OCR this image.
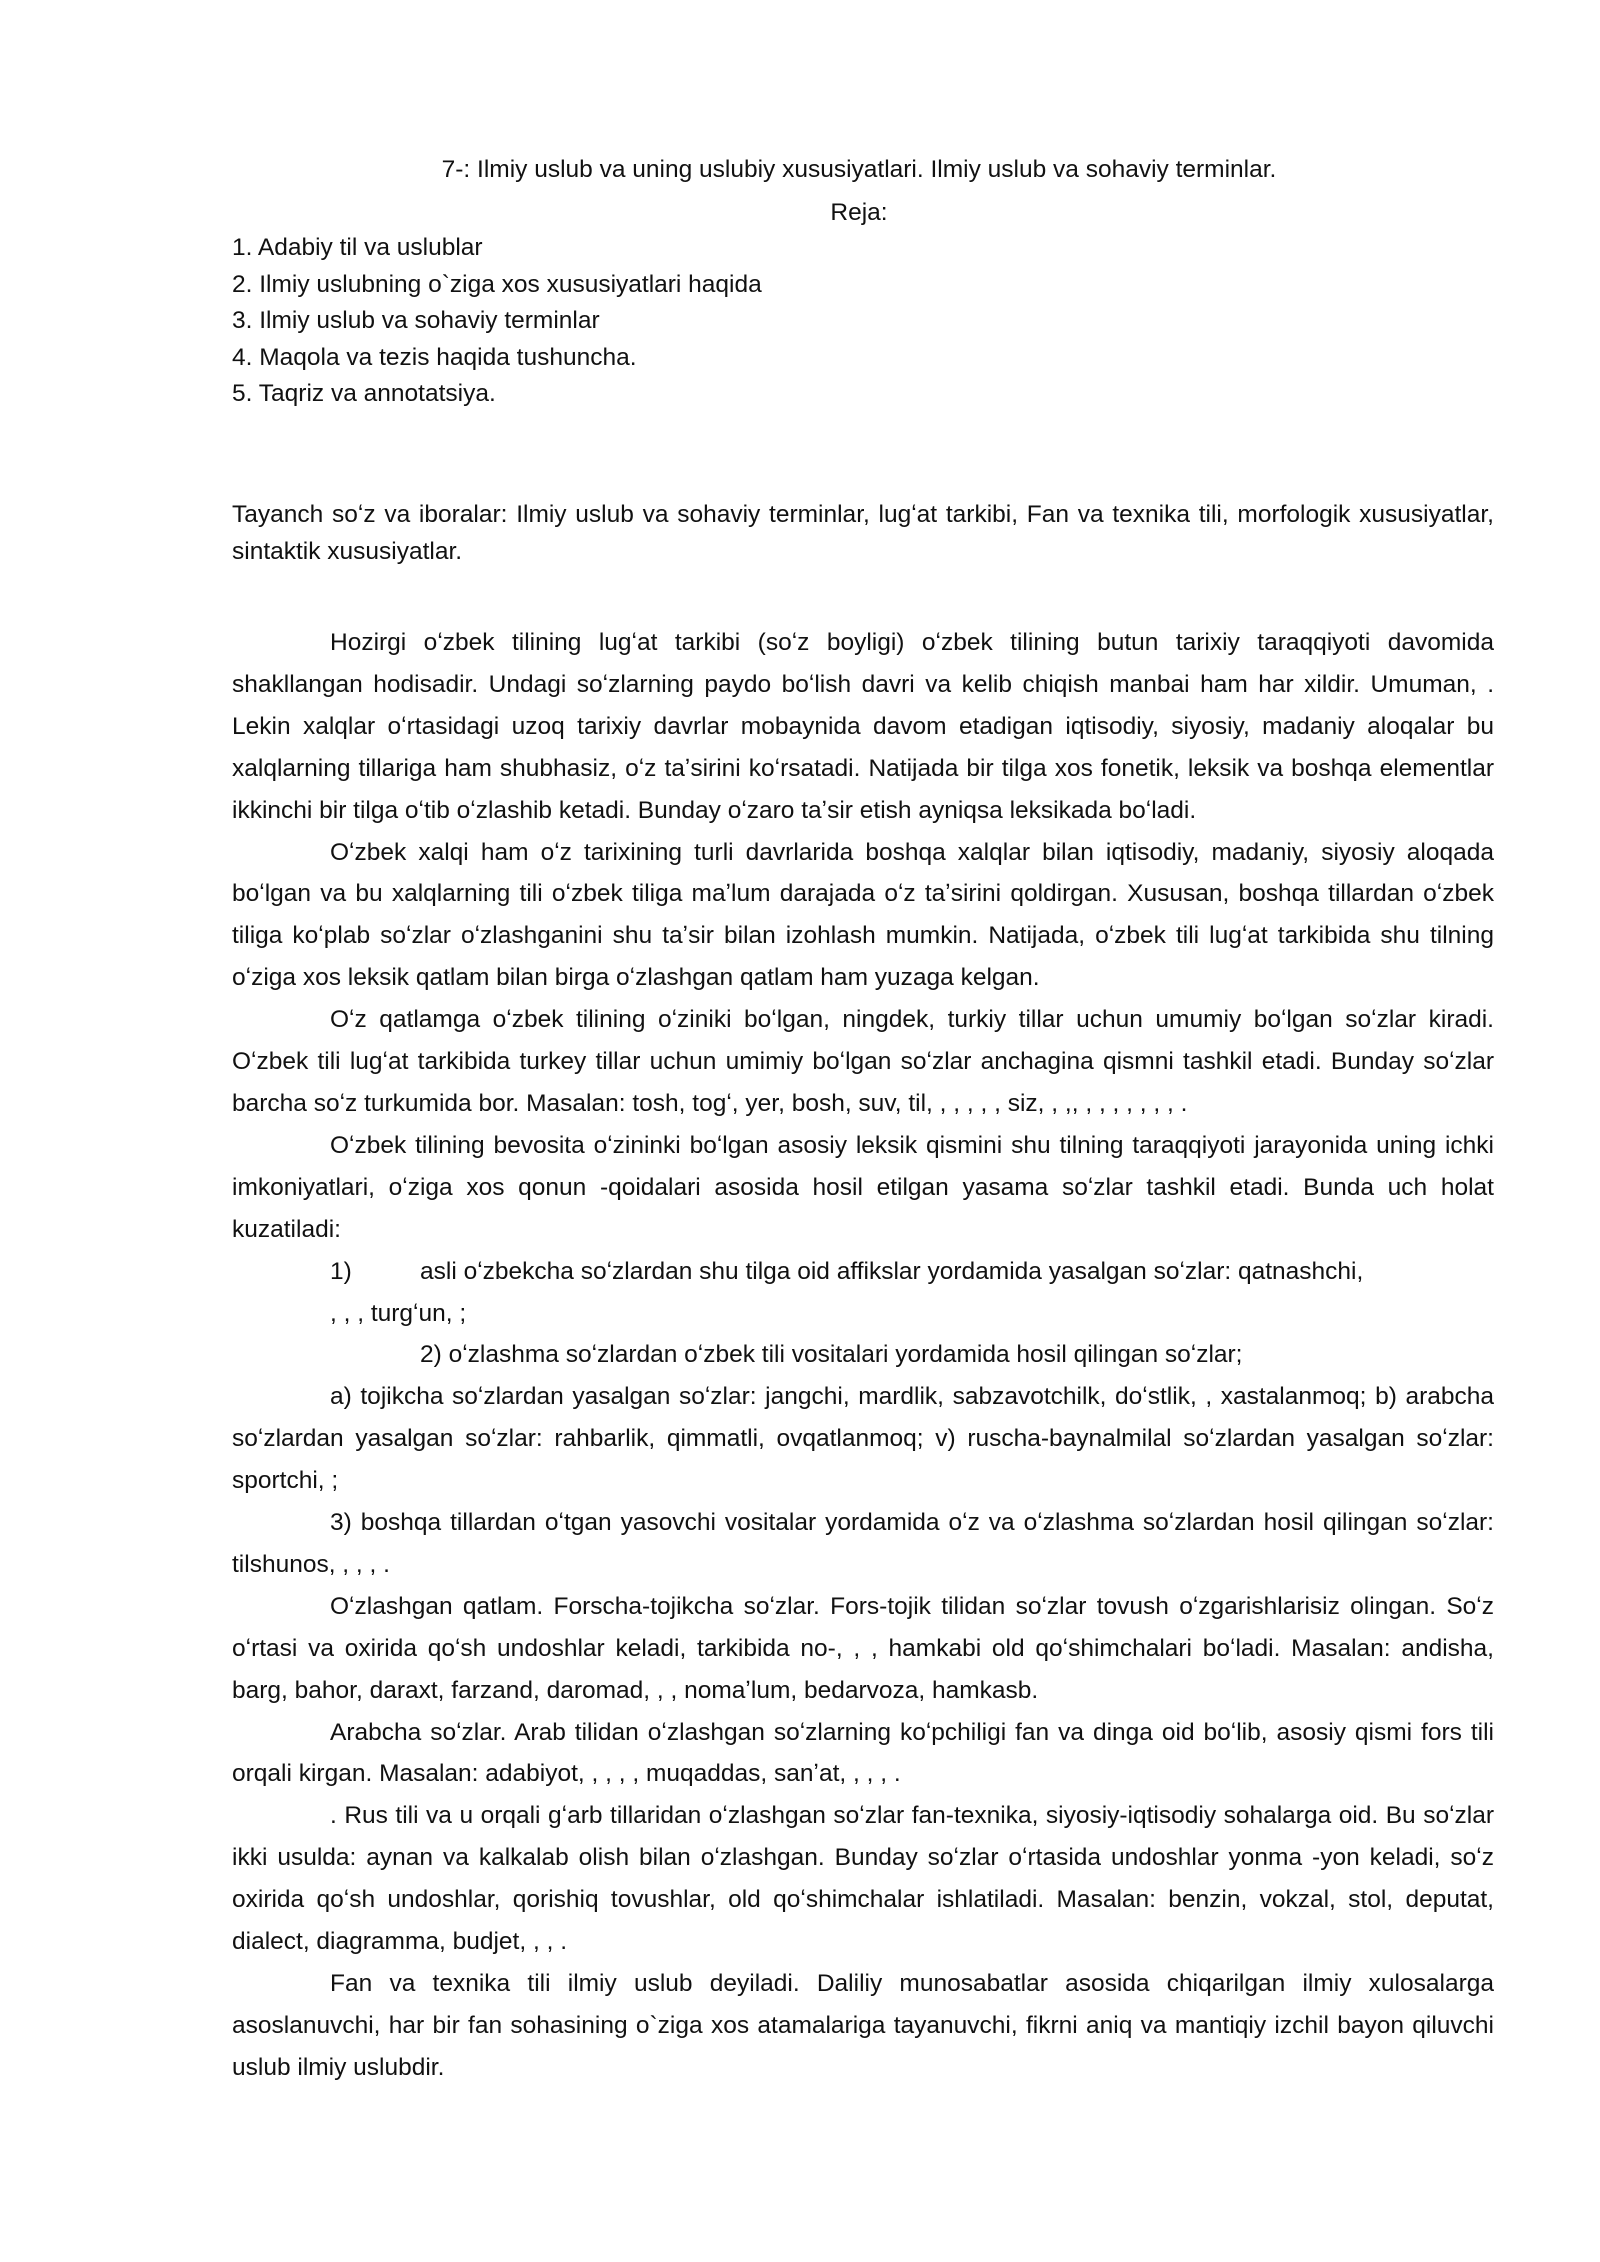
7-: Ilmiy uslub va uning uslubiy xususiyatlari. Ilmiy uslub va sohaviy terminlar.
Reja:
1. Adabiy til va uslublar
2. Ilmiy uslubning o`ziga xos xususiyatlari haqida
3. Ilmiy uslub va sohaviy terminlar
4. Maqola va tezis haqida tushuncha.
5. Taqriz va annotatsiya.

Tayanch soʻz va iboralar: Ilmiy uslub va sohaviy terminlar, lugʻat tarkibi, Fan va texnika tili, morfologik xususiyatlar, sintaktik xususiyatlar.

Hozirgi oʻzbek tilining lugʻat tarkibi (soʻz boyligi) oʻzbek tilining butun tarixiy taraqqiyoti davomida shakllangan hodisadir. Undagi soʻzlarning paydo boʻlish davri va kelib chiqish manbai ham har xildir. Umuman, . Lekin xalqlar oʻrtasidagi uzoq tarixiy davrlar mobaynida davom etadigan iqtisodiy, siyosiy, madaniy aloqalar bu xalqlarning tillariga ham shubhasiz, oʻz taʼsirini koʻrsatadi. Natijada bir tilga xos fonetik, leksik va boshqa elementlar ikkinchi bir tilga oʻtib oʻzlashib ketadi. Bunday oʻzaro taʼsir etish ayniqsa leksikada boʻladi.

Oʻzbek xalqi ham oʻz tarixining turli davrlarida boshqa xalqlar bilan iqtisodiy, madaniy, siyosiy aloqada boʻlgan va bu xalqlarning tili oʻzbek tiliga maʼlum darajada oʻz taʼsirini qoldirgan. Xususan, boshqa tillardan oʻzbek tiliga koʻplab soʻzlar oʻzlashganini shu taʼsir bilan izohlash mumkin. Natijada, oʻzbek tili lugʻat tarkibida shu tilning oʻziga xos leksik qatlam bilan birga oʻzlashgan qatlam ham yuzaga kelgan.

Oʻz qatlamga oʻzbek tilining oʻziniki boʻlgan, ningdek, turkiy tillar uchun umumiy boʻlgan soʻzlar kiradi. Oʻzbek tili lugʻat tarkibida turkey tillar uchun umimiy boʻlgan soʻzlar anchagina qismni tashkil etadi. Bunday soʻzlar barcha soʻz turkumida bor. Masalan: tosh, togʻ, yer, bosh, suv, til, , , , , , siz, , ,, , , , , , , , .

Oʻzbek tilining bevosita oʻzininki boʻlgan asosiy leksik qismini shu tilning taraqqiyoti jarayonida uning ichki imkoniyatlari, oʻziga xos qonun -qoidalari asosida hosil etilgan yasama soʻzlar tashkil etadi. Bunda uch holat kuzatiladi:

1)	asli oʻzbekcha soʻzlardan shu tilga oid affikslar yordamida yasalgan soʻzlar: qatnashchi,

, , , turgʻun, ;

2) oʻzlashma soʻzlardan oʻzbek tili vositalari yordamida hosil qilingan soʻzlar;

a) tojikcha soʻzlardan yasalgan soʻzlar: jangchi, mardlik, sabzavotchilk, doʻstlik, , xastalanmoq; b) arabcha soʻzlardan yasalgan soʻzlar: rahbarlik, qimmatli, ovqatlanmoq; v) ruscha-baynalmilal soʻzlardan yasalgan soʻzlar: sportchi, ;

3) boshqa tillardan oʻtgan yasovchi vositalar yordamida oʻz va oʻzlashma soʻzlardan hosil qilingan soʻzlar: tilshunos, , , , .

Oʻzlashgan qatlam. Forscha-tojikcha soʻzlar. Fors-tojik tilidan soʻzlar tovush oʻzgarishlarisiz olingan. Soʻz oʻrtasi va oxirida qoʻsh undoshlar keladi, tarkibida no-, , , hamkabi old qoʻshimchalari boʻladi. Masalan: andisha, barg, bahor, daraxt, farzand, daromad, , , nomaʼlum, bedarvoza, hamkasb.

Arabcha soʻzlar. Arab tilidan oʻzlashgan soʻzlarning koʻpchiligi fan va dinga oid boʻlib, asosiy qismi fors tili orqali kirgan. Masalan: adabiyot, , , , , muqaddas, sanʼat, , , , .

. Rus tili va u orqali gʻarb tillaridan oʻzlashgan soʻzlar fan-texnika, siyosiy-iqtisodiy sohalarga oid. Bu soʻzlar ikki usulda: aynan va kalkalab olish bilan oʻzlashgan. Bunday soʻzlar oʻrtasida undoshlar yonma -yon keladi, soʻz oxirida qoʻsh undoshlar, qorishiq tovushlar, old qoʻshimchalar ishlatiladi. Masalan: benzin, vokzal, stol, deputat, dialect, diagramma, budjet, , , .

Fan va texnika tili ilmiy uslub deyiladi. Daliliy munosabatlar asosida chiqarilgan ilmiy xulosalarga asoslanuvchi, har bir fan sohasining o`ziga xos atamalariga tayanuvchi, fikrni aniq va mantiqiy izchil bayon qiluvchi uslub ilmiy uslubdir.
